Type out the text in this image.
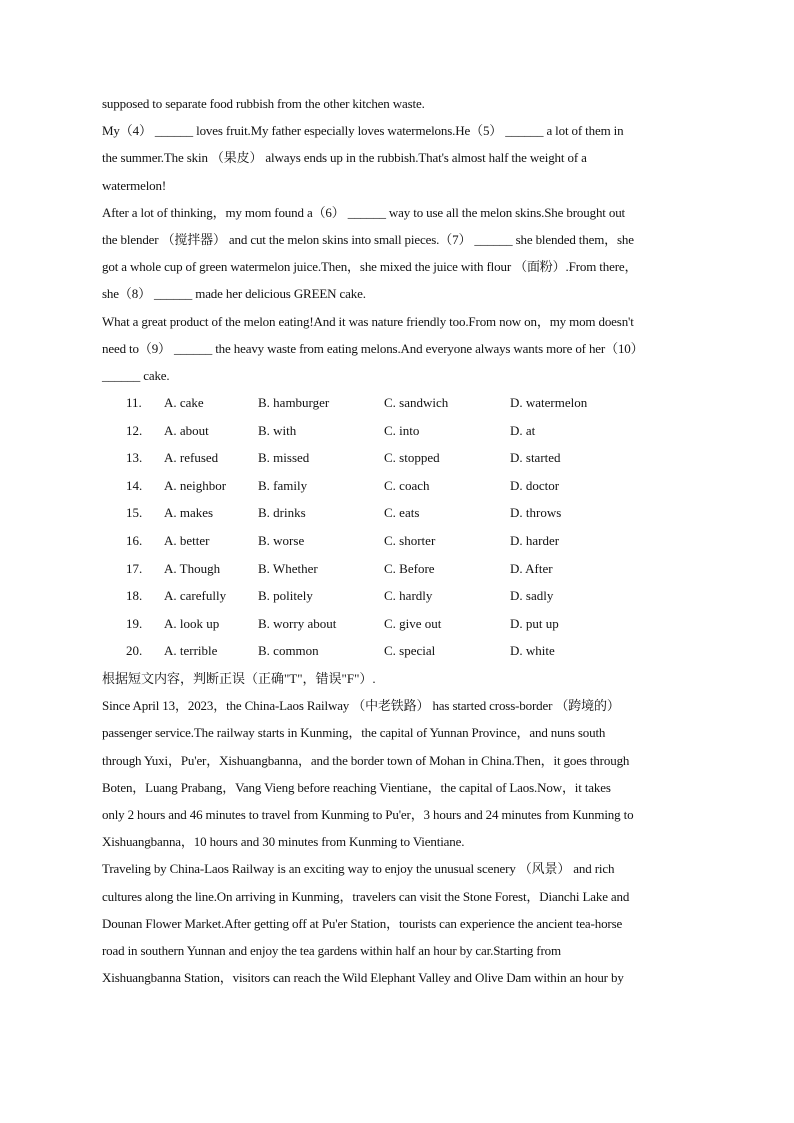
supposed to separate food rubbish from the other kitchen waste.
My（4） ______ loves fruit.My father especially loves watermelons.He（5） ______ a lot of them in
the summer.The skin （果皮） always ends up in the rubbish.That's almost half the weight of a
watermelon!
After a lot of thinking，my mom found a（6） ______ way to use all the melon skins.She brought out
the blender （搅拌器） and cut the melon skins into small pieces.（7） ______ she blended them，she
got a whole cup of green watermelon juice.Then，she mixed the juice with flour （面粉）.From there，
she（8） ______ made her delicious GREEN cake.
What a great product of the melon eating!And it was nature friendly too.From now on，my mom doesn't
need to（9） ______ the heavy waste from eating melons.And everyone always wants more of her（10）
______ cake.
11.	A. cake	B. hamburger	C. sandwich	D. watermelon
12.	A. about	B. with	C. into	D. at
13.	A. refused	B. missed	C. stopped	D. started
14.	A. neighbor	B. family	C. coach	D. doctor
15.	A. makes	B. drinks	C. eats	D. throws
16.	A. better	B. worse	C. shorter	D. harder
17.	A. Though	B. Whether	C. Before	D. After
18.	A. carefully	B. politely	C. hardly	D. sadly
19.	A. look up	B. worry about	C. give out	D. put up
20.	A. terrible	B. common	C. special	D. white
根据短文内容，判断正误（正确"T"，错误"F"）.
Since April 13，2023，the China-Laos Railway （中老铁路） has started cross-border （跨境的）
passenger service.The railway starts in Kunming，the capital of Yunnan Province，and nuns south
through Yuxi，Pu'er，Xishuangbanna，and the border town of Mohan in China.Then，it goes through
Boten，Luang Prabang，Vang Vieng before reaching Vientiane，the capital of Laos.Now，it takes
only 2 hours and 46 minutes to travel from Kunming to Pu'er，3 hours and 24 minutes from Kunming to
Xishuangbanna，10 hours and 30 minutes from Kunming to Vientiane.
Traveling by China-Laos Railway is an exciting way to enjoy the unusual scenery （风景） and rich
cultures along the line.On arriving in Kunming，travelers can visit the Stone Forest，Dianchi Lake and
Dounan Flower Market.After getting off at Pu'er Station，tourists can experience the ancient tea-horse
road in southern Yunnan and enjoy the tea gardens within half an hour by car.Starting from
Xishuangbanna Station，visitors can reach the Wild Elephant Valley and Olive Dam within an hour by
